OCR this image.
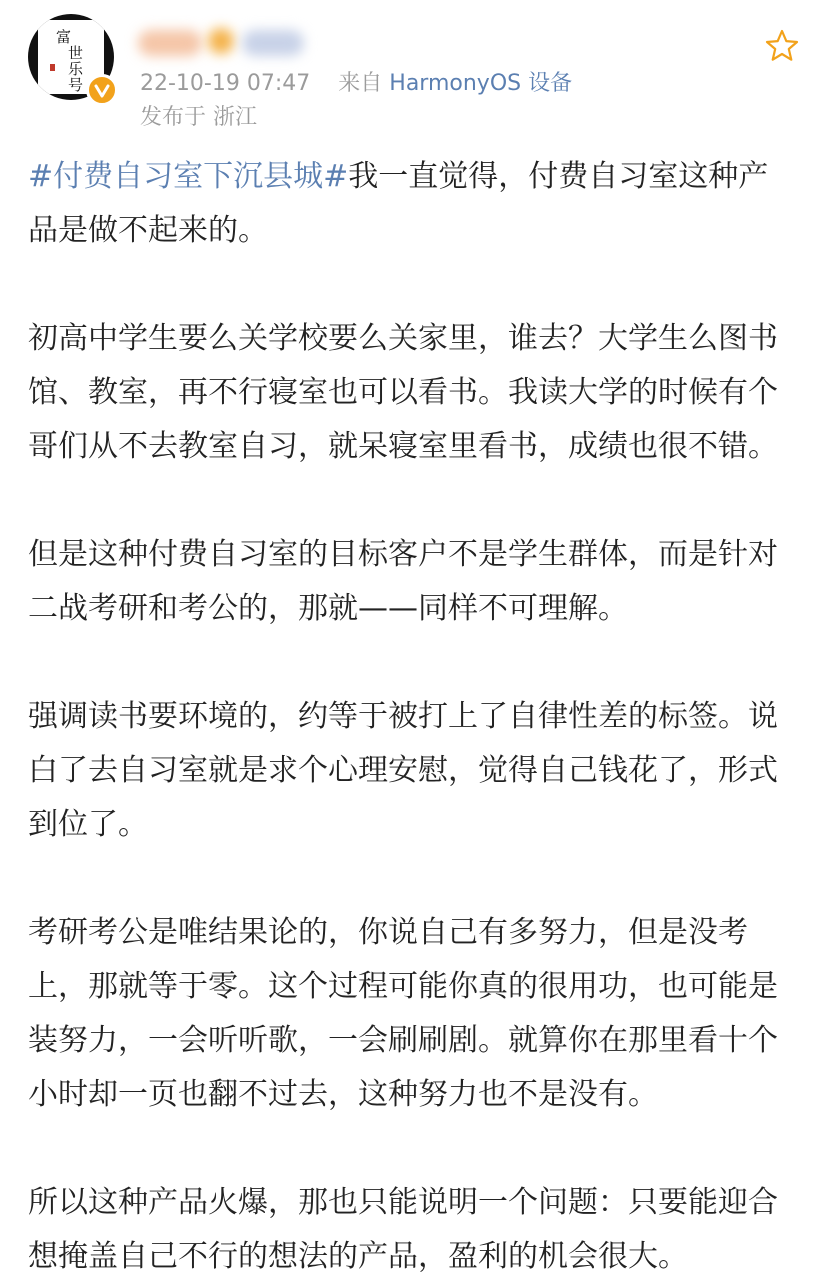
富
世
乐
号	22-10-19 07:47 来自 HarmonyOS 设备
发布于 浙江

#付费自习室下沉县城#我一直觉得，付费自习室这种产品是做不起来的。

初高中学生要么关学校要么关家里，谁去？大学生么图书馆、教室，再不行寝室也可以看书。我读大学的时候有个哥们从不去教室自习，就呆寝室里看书，成绩也很不错。

但是这种付费自习室的目标客户不是学生群体，而是针对二战考研和考公的，那就——同样不可理解。

强调读书要环境的，约等于被打上了自律性差的标签。说白了去自习室就是求个心理安慰，觉得自己钱花了，形式到位了。

考研考公是唯结果论的，你说自己有多努力，但是没考上，那就等于零。这个过程可能你真的很用功，也可能是装努力，一会听听歌，一会刷刷剧。就算你在那里看十个小时却一页也翻不过去，这种努力也不是没有。

所以这种产品火爆，那也只能说明一个问题：只要能迎合想掩盖自己不行的想法的产品，盈利的机会很大。
